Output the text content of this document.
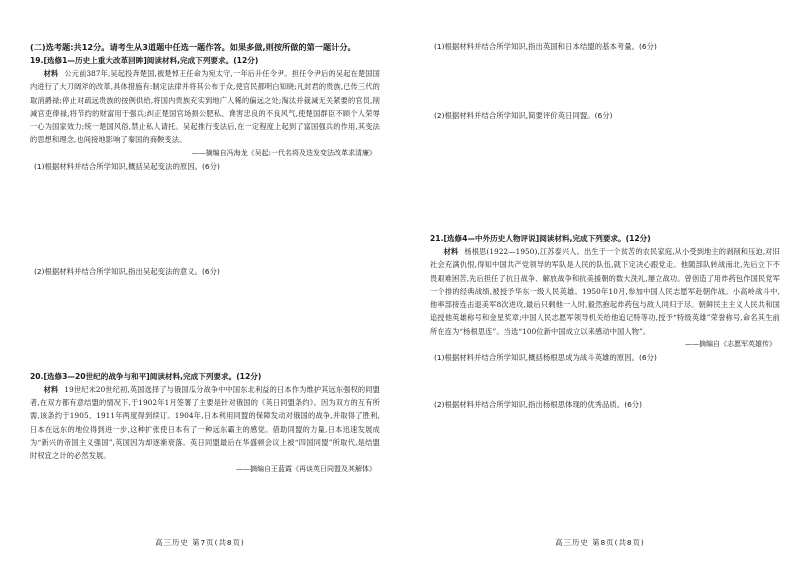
(二)选考题:共12分。请考生从3道题中任选一题作答。如果多做,则按所做的第一题计分。
19.[选修1—历史上重大改革回眸]阅读材料,完成下列要求。(12分)
材料 公元前387年,吴起投奔楚国,被楚悼王任命为宛太守,一年后升任令尹。担任令尹后的吴起在楚国国内进行了大刀阔斧的改革,具体措施有:制定法律并将其公布于众,使官民都明白知晓;凡封君的贵族,已传三代的取消爵禄;停止对疏远贵族的按例供给,将国内贵族充实到地广人稀的偏远之处;淘汰并裁减无关紧要的官员,削减官吏俸禄,将节约的财富用于强兵;纠正楚国官场损公肥私、谗害忠良的不良风气,使楚国群臣不顾个人荣辱一心为国家效力;统一楚国风俗,禁止私人请托。吴起推行变法后,在一定程度上起到了富国强兵的作用,其变法的思想和理念,也间接地影响了秦国的商鞅变法。
——摘编自冯海龙《吴起:一代名将及迭发变法改革求清廉》
(1)根据材料并结合所学知识,概括吴起变法的原因。(6分)
(2)根据材料并结合所学知识,指出吴起变法的意义。(6分)
20.[选修3—20世纪的战争与和平]阅读材料,完成下列要求。(12分)
材料 19世纪末20世纪初,英国选择了与俄国瓜分战争中中国东北利益的日本作为维护其远东强权的同盟者,在双方都有意结盟的情况下,于1902年1月签署了主要是针对俄国的《英日同盟条约》。因为双方的互有所需,该条约于1905、1911年两度得到续订。1904年,日本利用同盟的保障发动对俄国的战争,并取得了胜利,日本在远东的地位得到进一步,这种扩张使日本有了一种远东霸主的感觉。借助同盟的力量,日本迅速发展成为“新兴的帝国主义强国”,英国因为却逐渐衰落。英日同盟最后在华盛顿会议上被“四国同盟”所取代,是结盟时权宜之计的必然发展。
——摘编自王蓝霞《再谈英日同盟及其解体》
高三历史 第7页(共8页)
(1)根据材料并结合所学知识,指出英国和日本结盟的基本考量。(6分)
(2)根据材料并结合所学知识,简要评价英日同盟。(6分)
21.[选修4—中外历史人物评说]阅读材料,完成下列要求。(12分)
材料 杨根思(1922—1950),江苏泰兴人。出生于一个贫苦的农民家庭,从小受到地主的剥削和压迫,对旧社会充满仇恨,得知中国共产党领导的军队是人民的队伍,就下定决心跟党走。他随部队转战南北,先后立下不畏艰难困苦,先后担任了抗日战争、解放战争和抗美援朝的数大洗礼,屡立战功。曾创造了用炸药包作国民党军一个排的经典战绩,被授予华东一级人民英雄。1950年10月,参加中国人民志愿军赴朝作战。小高岭战斗中,他率部接连击退美军8次进攻,最后只剩他一人时,毅然抱起炸药包与敌人同归于尽。朝鲜民主主义人民共和国追授他英雄称号和金星奖章;中国人民志愿军领导机关给他追记特等功,授予“特级英雄”荣誉称号,命名其生前所在连为“杨根思连”。当选“100位新中国成立以来感动中国人物”。
——摘编自《志愿军英雄传》
(1)根据材料并结合所学知识,概括杨根思成为战斗英雄的原因。(6分)
(2)根据材料并结合所学知识,指出杨根思体现的优秀品质。(6分)
高三历史 第8页(共8页)
